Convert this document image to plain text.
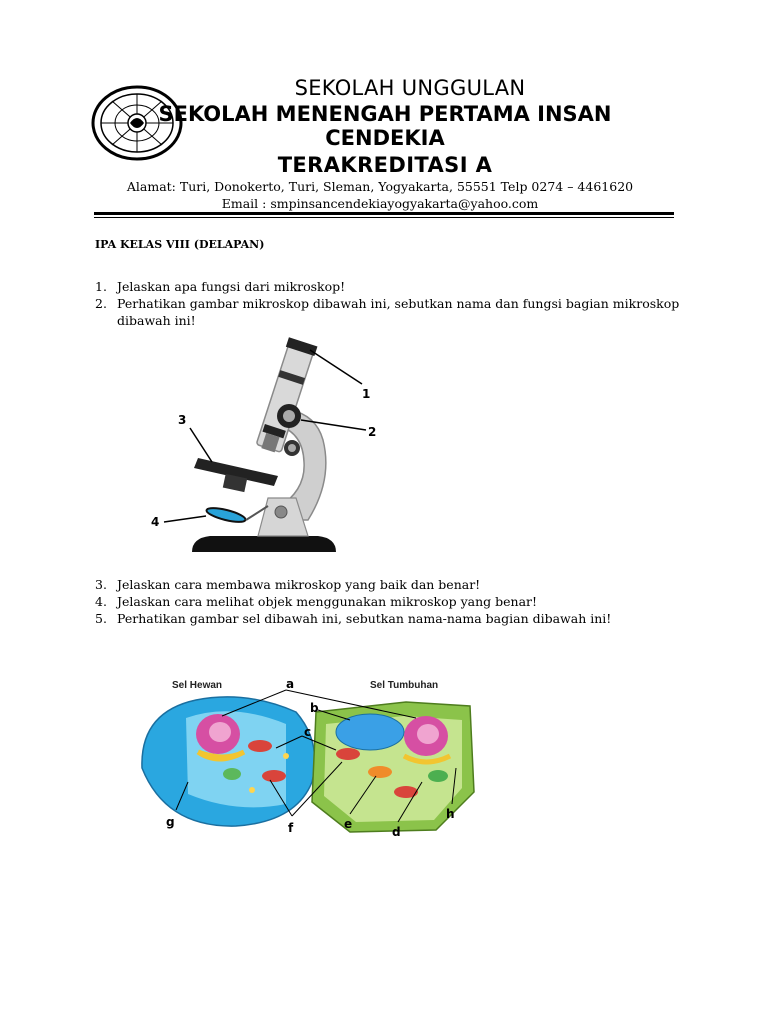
SEKOLAH UNGGULAN
SEKOLAH MENENGAH PERTAMA INSAN CENDEKIA
TERAKREDITASI A
Alamat: Turi, Donokerto, Turi, Sleman, Yogyakarta, 55551 Telp 0274 – 4461620
Email : smpinsancendekiayogyakarta@yahoo.com
IPA KELAS VIII (DELAPAN)
1. Jelaskan apa fungsi dari mikroskop!
2. Perhatikan gambar mikroskop dibawah ini, sebutkan nama dan fungsi bagian mikroskop dibawah ini!
1
2
3
4
3. Jelaskan cara membawa mikroskop yang baik dan benar!
4. Jelaskan cara melihat objek menggunakan mikroskop yang benar!
5. Perhatikan gambar sel dibawah ini, sebutkan nama-nama bagian dibawah ini!
Sel Hewan	Sel Tumbuhan
a
b
c
d
e
f
g
h
